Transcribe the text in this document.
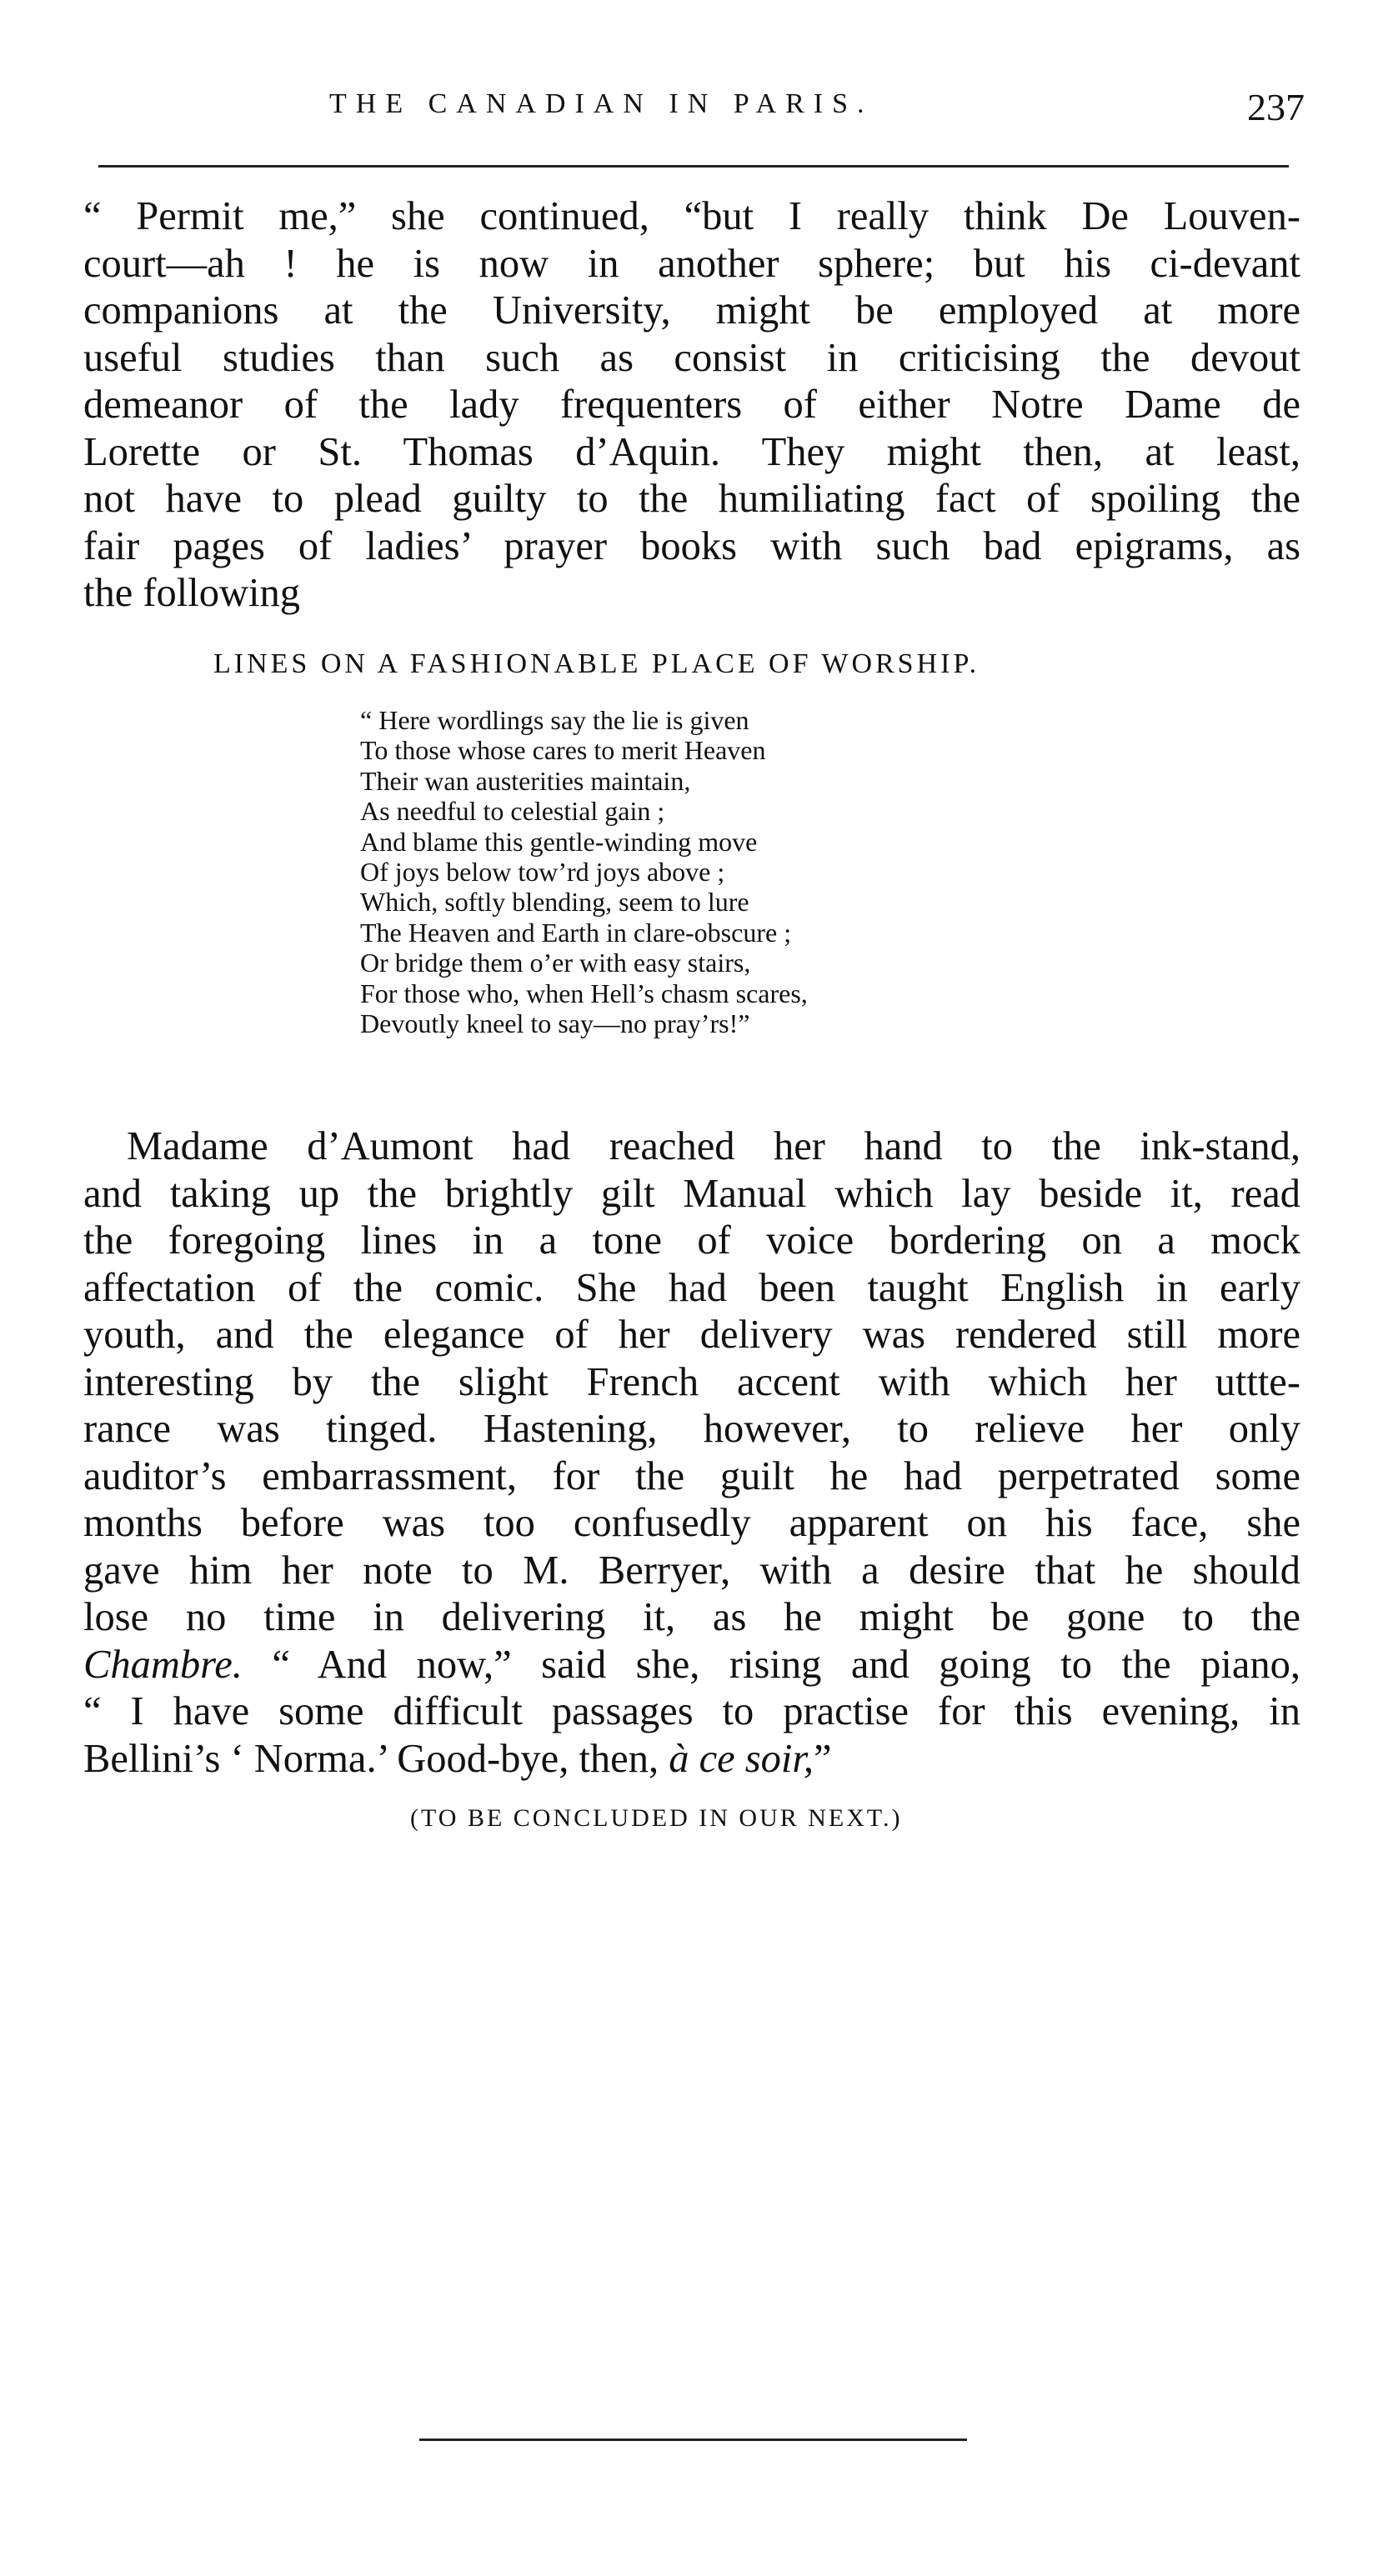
THE CANADIAN IN PARIS.	237
“ Permit me,” she continued, “but I really think De Louven-
court—ah ! he is now in another sphere; but his ci-devant
companions at the University, might be employed at more
useful studies than such as consist in criticising the devout
demeanor of the lady frequenters of either Notre Dame de
Lorette or St. Thomas d’Aquin. They might then, at least,
not have to plead guilty to the humiliating fact of spoiling the
fair pages of ladies’ prayer books with such bad epigrams, as
the following
LINES ON A FASHIONABLE PLACE OF WORSHIP.
“ Here wordlings say the lie is given
To those whose cares to merit Heaven
Their wan austerities maintain,
As needful to celestial gain ;
And blame this gentle-winding move
Of joys below tow’rd joys above ;
Which, softly blending, seem to lure
The Heaven and Earth in clare-obscure ;
Or bridge them o’er with easy stairs,
For those who, when Hell’s chasm scares,
Devoutly kneel to say—no pray’rs!”
Madame d’Aumont had reached her hand to the ink-stand,
and taking up the brightly gilt Manual which lay beside it, read
the foregoing lines in a tone of voice bordering on a mock
affectation of the comic. She had been taught English in early
youth, and the elegance of her delivery was rendered still more
interesting by the slight French accent with which her uttte-
rance was tinged. Hastening, however, to relieve her only
auditor’s embarrassment, for the guilt he had perpetrated some
months before was too confusedly apparent on his face, she
gave him her note to M. Berryer, with a desire that he should
lose no time in delivering it, as he might be gone to the
Chambre. “ And now,” said she, rising and going to the piano,
“ I have some difficult passages to practise for this evening, in
Bellini’s ‘ Norma.’ Good-bye, then, à ce soir,”
(TO BE CONCLUDED IN OUR NEXT.)
